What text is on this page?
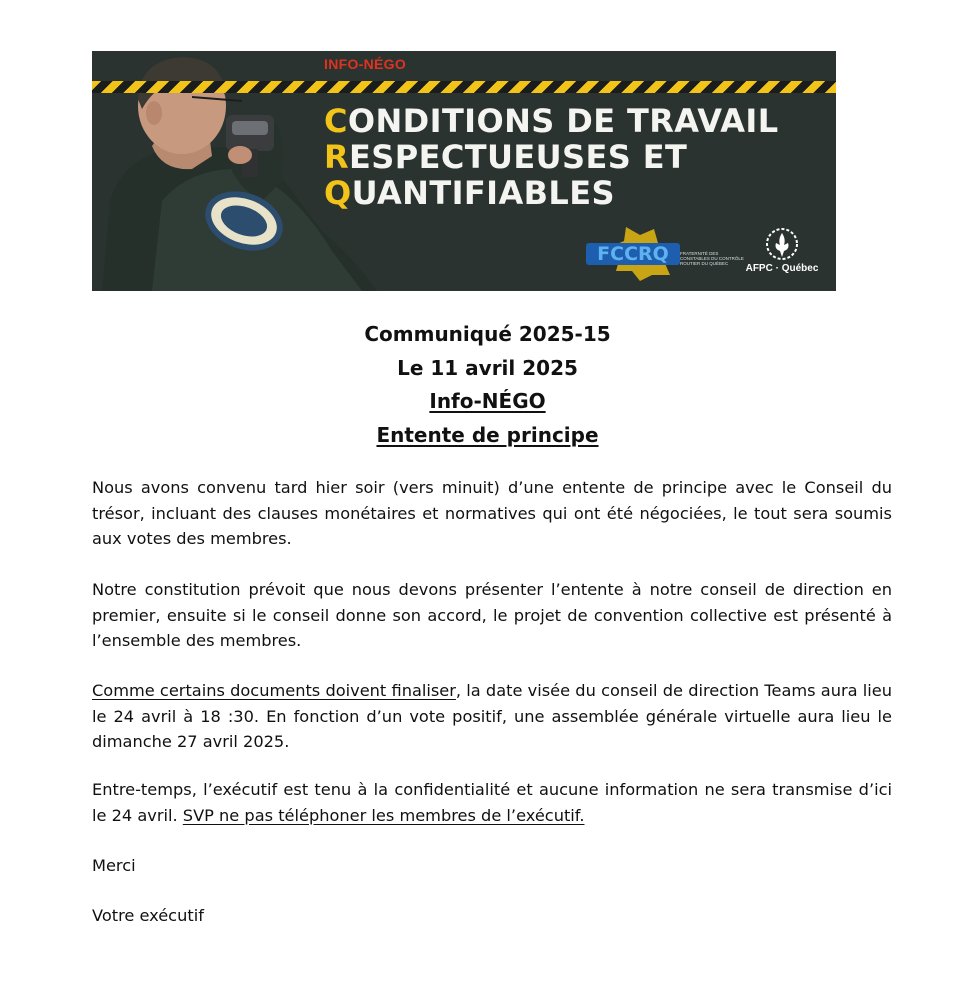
INFO-NÉGO
CONDITIONS DE TRAVAIL
RESPECTUEUSES ET
QUANTIFIABLES
FCCRQ FRATERNITÉ DES CONSTABLES DU CONTRÔLE ROUTIER DU QUÉBEC	AFPC · Québec
Communiqué 2025-15
Le 11 avril 2025
Info-NÉGO
Entente de principe
Nous avons convenu tard hier soir (vers minuit) d’une entente de principe avec le Conseil du trésor, incluant des clauses monétaires et normatives qui ont été négociées, le tout sera soumis aux votes des membres.
Notre constitution prévoit que nous devons présenter l’entente à notre conseil de direction en premier, ensuite si le conseil donne son accord, le projet de convention collective est présenté à l’ensemble des membres.
Comme certains documents doivent finaliser, la date visée du conseil de direction Teams aura lieu le 24 avril à 18 :30. En fonction d’un vote positif, une assemblée générale virtuelle aura lieu le dimanche 27 avril 2025.
Entre-temps, l’exécutif est tenu à la confidentialité et aucune information ne sera transmise d’ici le 24 avril. SVP ne pas téléphoner les membres de l’exécutif.
Merci
Votre exécutif
